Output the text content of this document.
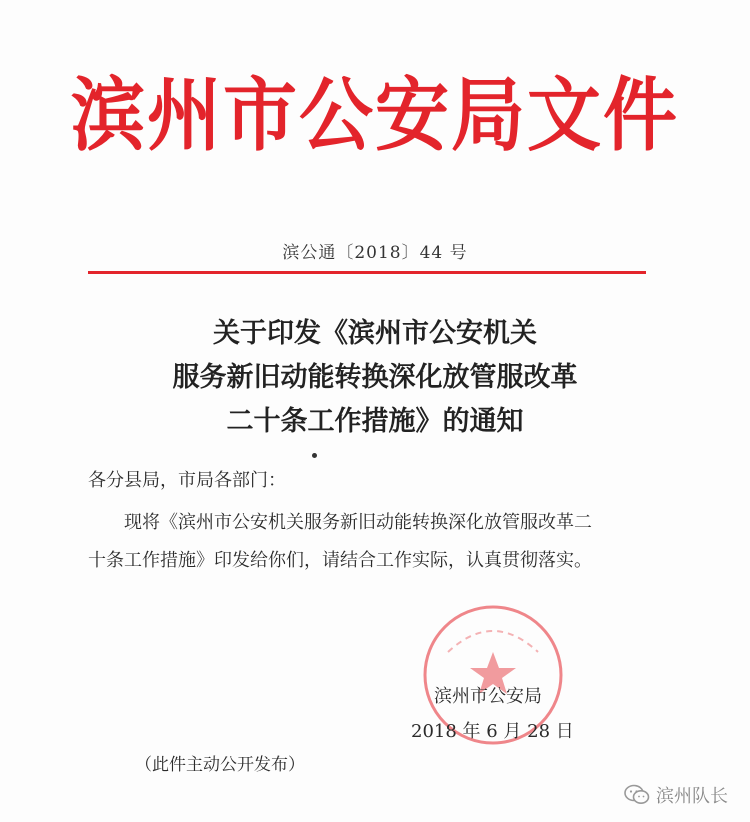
滨州市公安局文件
滨公通〔2018〕44 号
关于印发《滨州市公安机关
服务新旧动能转换深化放管服改革
二十条工作措施》的通知
各分县局，市局各部门：
现将《滨州市公安机关服务新旧动能转换深化放管服改革二
十条工作措施》印发给你们，请结合工作实际，认真贯彻落实。
滨州市公安局
2018 年 6 月 28 日
（此件主动公开发布）
滨州队长
